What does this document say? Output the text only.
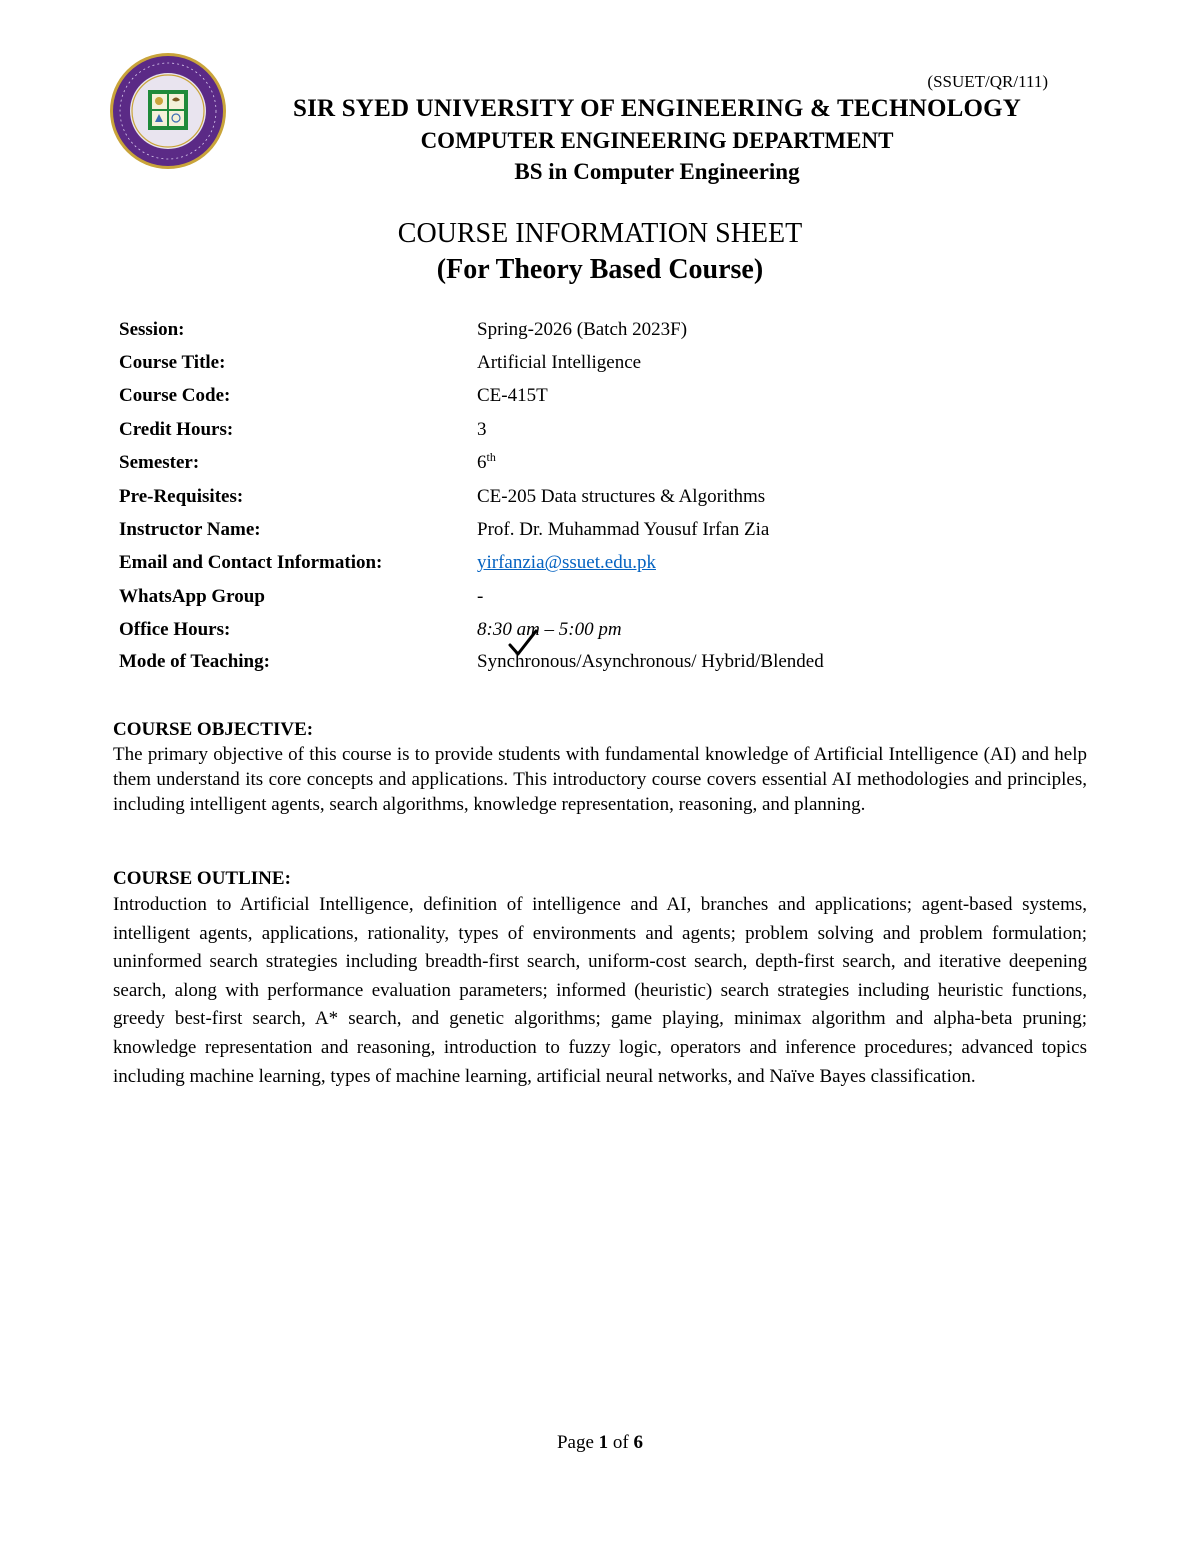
(SSUET/QR/111)
SIR SYED UNIVERSITY OF ENGINEERING & TECHNOLOGY
COMPUTER ENGINEERING DEPARTMENT
BS in Computer Engineering
COURSE INFORMATION SHEET
(For Theory Based Course)
Session:	Spring-2026 (Batch 2023F)
Course Title:	Artificial Intelligence
Course Code:	CE-415T
Credit Hours:	3
Semester:	6th
Pre-Requisites:	CE-205 Data structures & Algorithms
Instructor Name:	Prof. Dr. Muhammad Yousuf Irfan Zia
Email and Contact Information:	yirfanzia@ssuet.edu.pk
WhatsApp Group	-
Office Hours:	8:30 am – 5:00 pm
Mode of Teaching:	Synchronous/Asynchronous/ Hybrid/Blended
COURSE OBJECTIVE:

The primary objective of this course is to provide students with fundamental knowledge of Artificial Intelligence (AI) and help them understand its core concepts and applications. This introductory course covers essential AI methodologies and principles, including intelligent agents, search algorithms, knowledge representation, reasoning, and planning.

COURSE OUTLINE:

Introduction to Artificial Intelligence, definition of intelligence and AI, branches and applications; agent-based systems, intelligent agents, applications, rationality, types of environments and agents; problem solving and problem formulation; uninformed search strategies including breadth-first search, uniform-cost search, depth-first search, and iterative deepening search, along with performance evaluation parameters; informed (heuristic) search strategies including heuristic functions, greedy best-first search, A* search, and genetic algorithms; game playing, minimax algorithm and alpha-beta pruning; knowledge representation and reasoning, introduction to fuzzy logic, operators and inference procedures; advanced topics including machine learning, types of machine learning, artificial neural networks, and Naïve Bayes classification.

Page 1 of 6
